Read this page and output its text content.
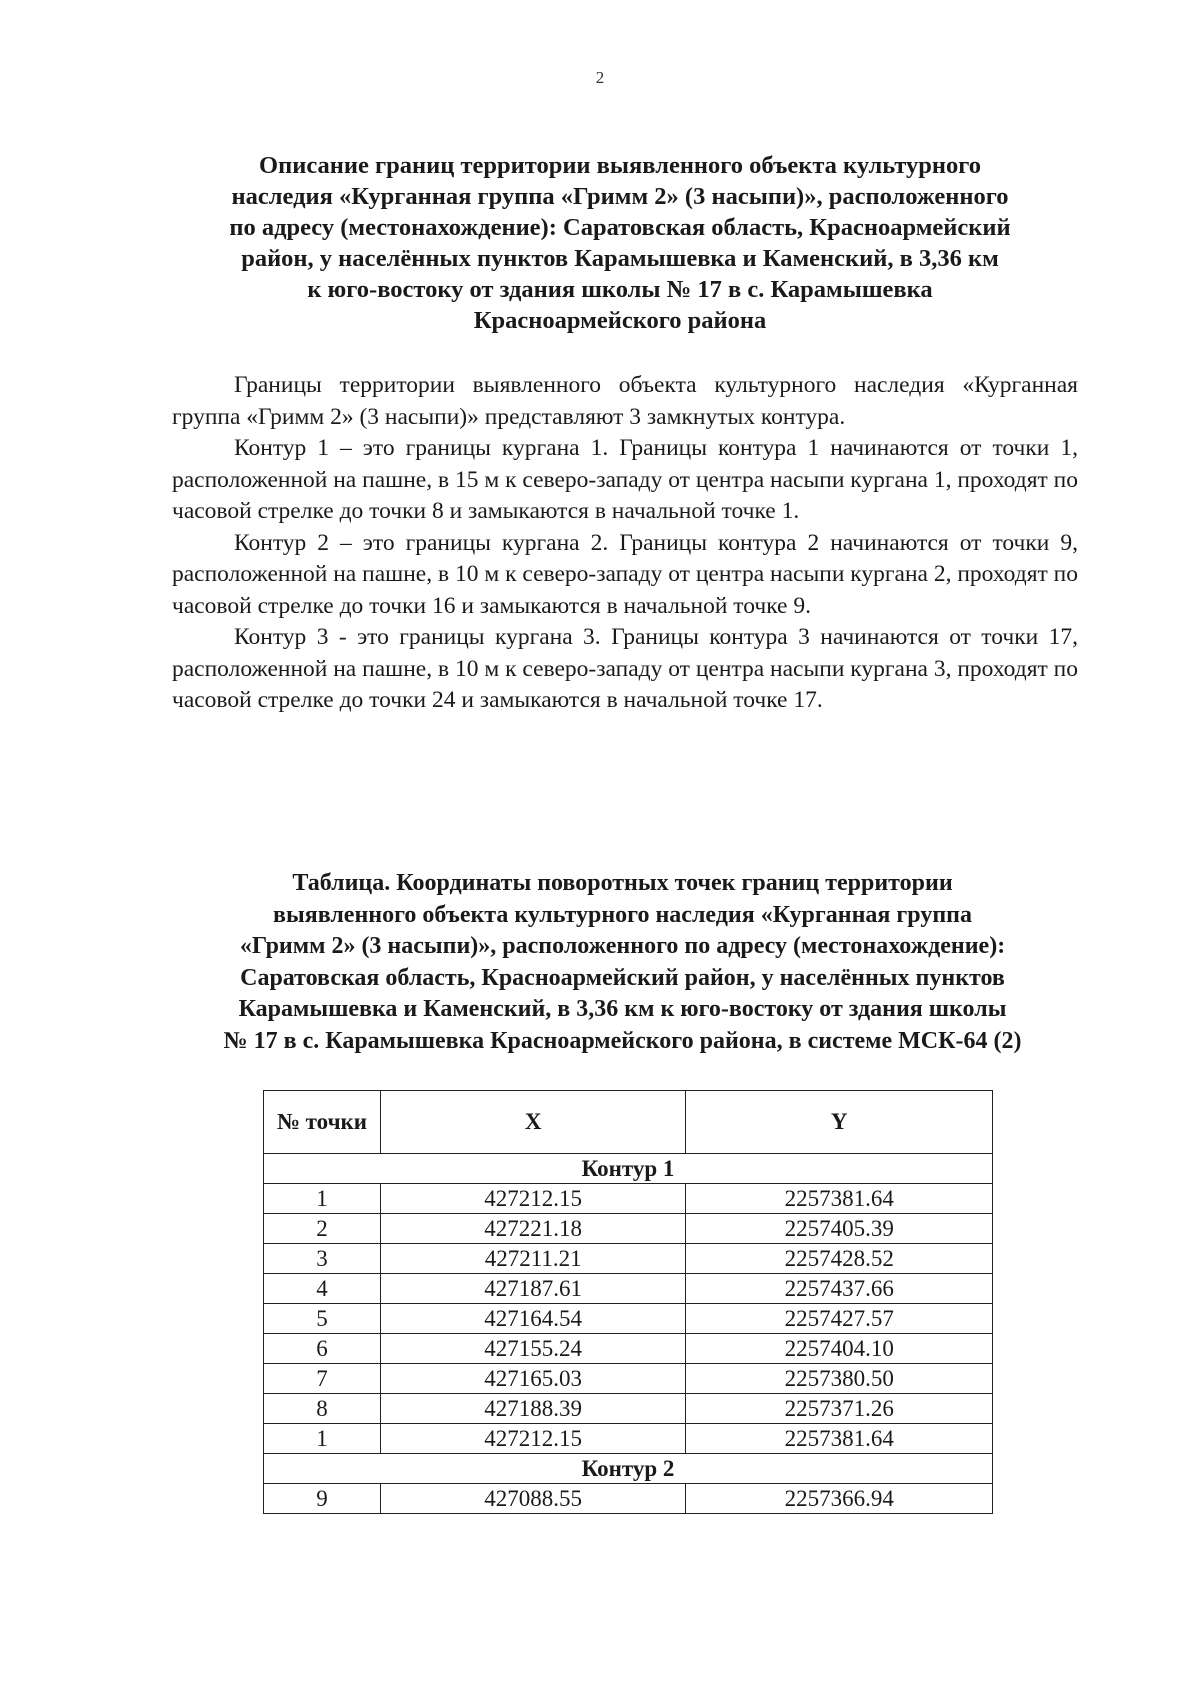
2
Описание границ территории выявленного объекта культурного
наследия «Курганная группа «Гримм 2» (3 насыпи)», расположенного
по адресу (местонахождение): Саратовская область, Красноармейский
район, у населённых пунктов Карамышевка и Каменский, в 3,36 км
к юго-востоку от здания школы № 17 в с. Карамышевка
Красноармейского района

Границы территории выявленного объекта культурного наследия «Курганная группа «Гримм 2» (3 насыпи)» представляют 3 замкнутых контура.

Контур 1 – это границы кургана 1. Границы контура 1 начинаются от точки 1, расположенной на пашне, в 15 м к северо-западу от центра насыпи кургана 1, проходят по часовой стрелке до точки 8 и замыкаются в начальной точке 1.

Контур 2 – это границы кургана 2. Границы контура 2 начинаются от точки 9, расположенной на пашне, в 10 м к северо-западу от центра насыпи кургана 2, проходят по часовой стрелке до точки 16 и замыкаются в начальной точке 9.

Контур 3 - это границы кургана 3. Границы контура 3 начинаются от точки 17, расположенной на пашне, в 10 м к северо-западу от центра насыпи кургана 3, проходят по часовой стрелке до точки 24 и замыкаются в начальной точке 17.

Таблица. Координаты поворотных точек границ территории
выявленного объекта культурного наследия «Курганная группа
«Гримм 2» (3 насыпи)», расположенного по адресу (местонахождение):
Саратовская область, Красноармейский район, у населённых пунктов
Карамышевка и Каменский, в 3,36 км к юго-востоку от здания школы
№ 17 в с. Карамышевка Красноармейского района, в системе МСК-64 (2)
№ точки	X	Y
Контур 1		
1	427212.15	2257381.64
2	427221.18	2257405.39
3	427211.21	2257428.52
4	427187.61	2257437.66
5	427164.54	2257427.57
6	427155.24	2257404.10
7	427165.03	2257380.50
8	427188.39	2257371.26
1	427212.15	2257381.64
Контур 2		
9	427088.55	2257366.94
